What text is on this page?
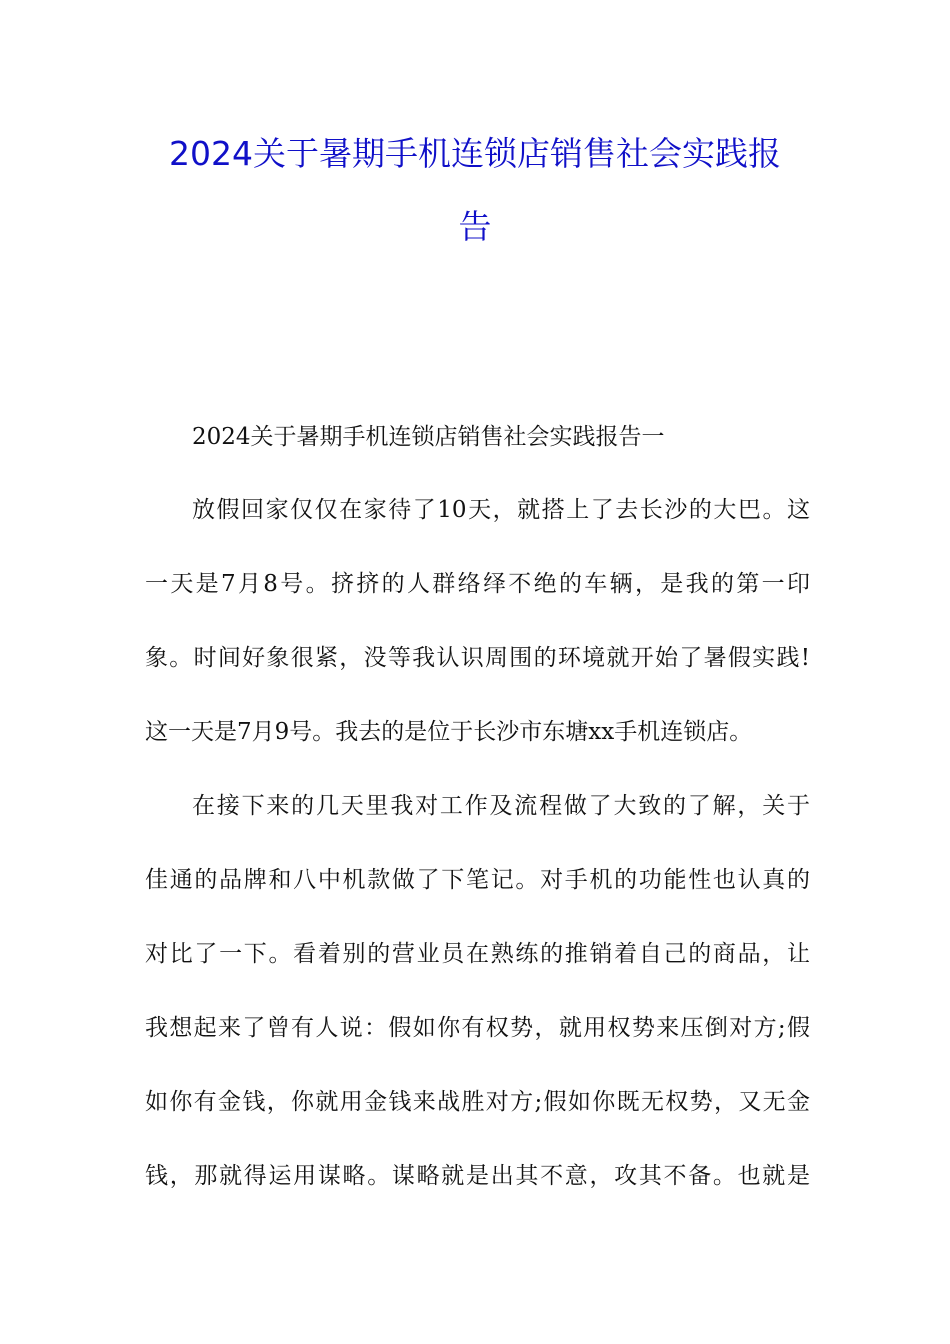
2024关于暑期手机连锁店销售社会实践报
告
2024关于暑期手机连锁店销售社会实践报告一
放假回家仅仅在家待了10天，就搭上了去长沙的大巴。这
一天是7月8号。挤挤的人群络绎不绝的车辆，是我的第一印
象。时间好象很紧，没等我认识周围的环境就开始了暑假实践!
这一天是7月9号。我去的是位于长沙市东塘xx手机连锁店。
在接下来的几天里我对工作及流程做了大致的了解，关于
佳通的品牌和八中机款做了下笔记。对手机的功能性也认真的
对比了一下。看着别的营业员在熟练的推销着自己的商品，让
我想起来了曾有人说：假如你有权势，就用权势来压倒对方;假
如你有金钱，你就用金钱来战胜对方;假如你既无权势，又无金
钱，那就得运用谋略。谋略就是出其不意，攻其不备。也就是
